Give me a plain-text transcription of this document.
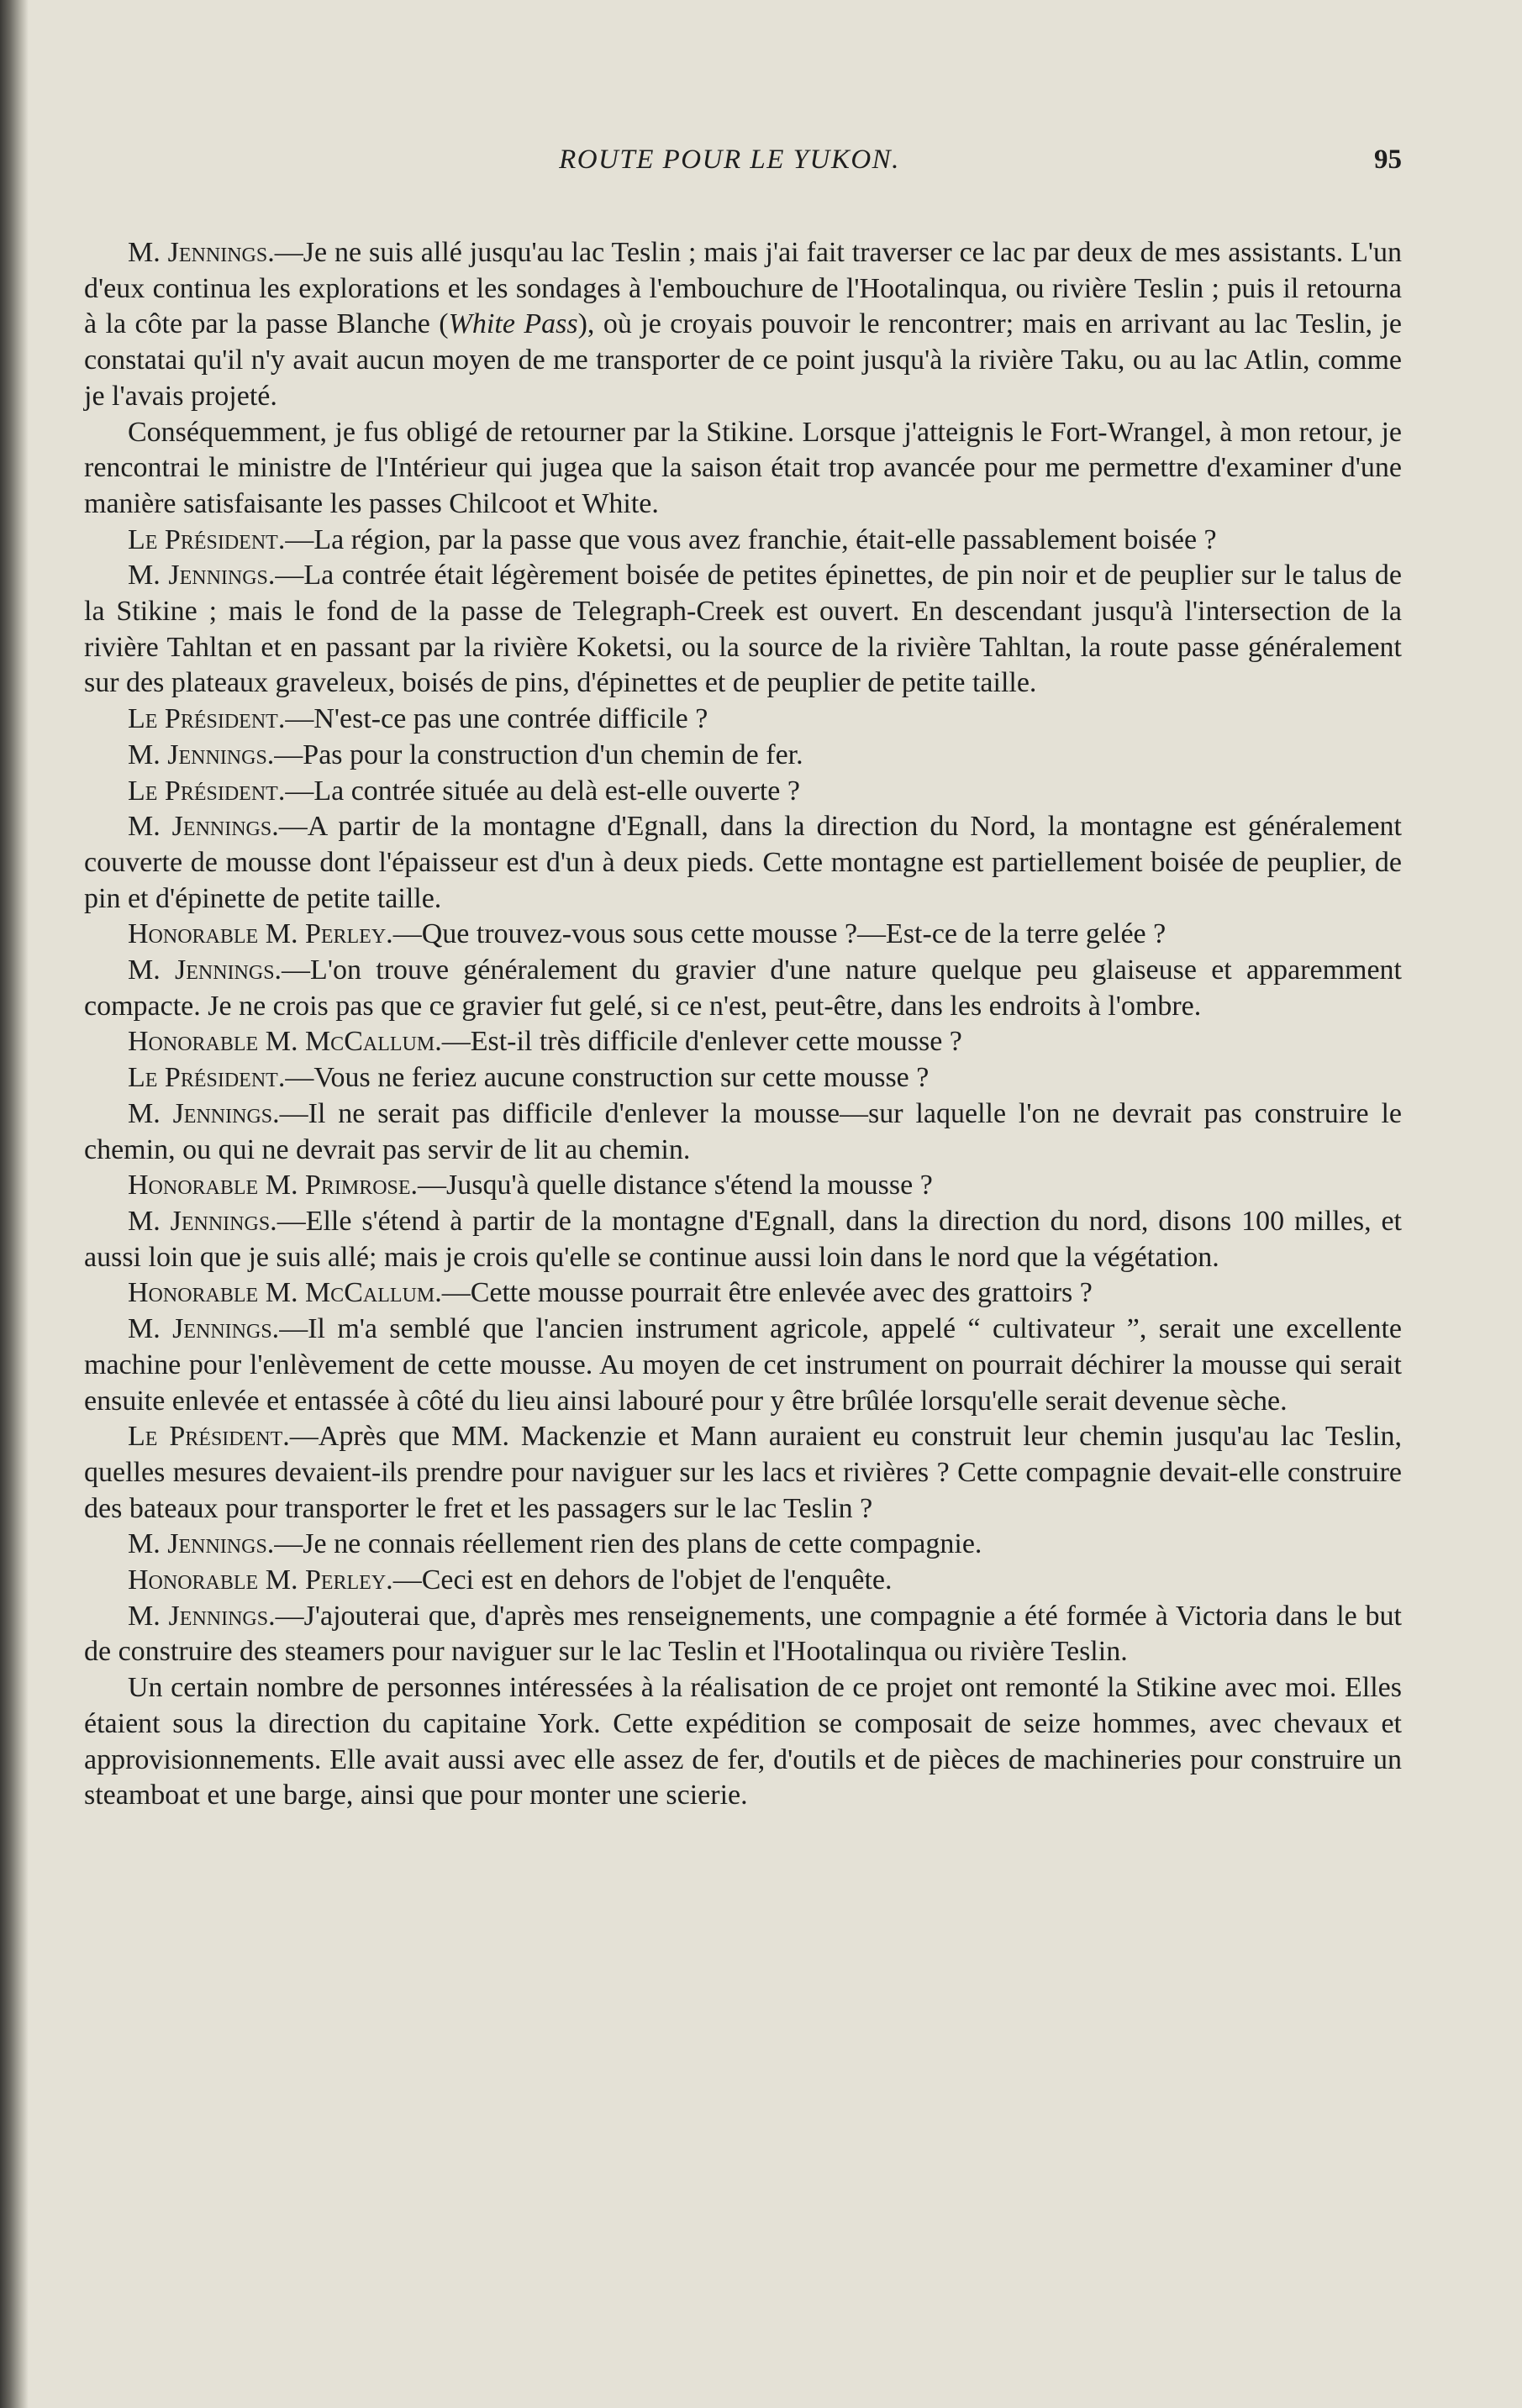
ROUTE POUR LE YUKON.	95

M. Jennings.—Je ne suis allé jusqu'au lac Teslin ; mais j'ai fait traverser ce lac par deux de mes assistants. L'un d'eux continua les explorations et les sondages à l'embouchure de l'Hootalinqua, ou rivière Teslin ; puis il retourna à la côte par la passe Blanche (White Pass), où je croyais pouvoir le rencontrer; mais en arrivant au lac Teslin, je constatai qu'il n'y avait aucun moyen de me transporter de ce point jusqu'à la rivière Taku, ou au lac Atlin, comme je l'avais projeté.

Conséquemment, je fus obligé de retourner par la Stikine. Lorsque j'atteignis le Fort-Wrangel, à mon retour, je rencontrai le ministre de l'Intérieur qui jugea que la saison était trop avancée pour me permettre d'examiner d'une manière satisfaisante les passes Chilcoot et White.

Le Président.—La région, par la passe que vous avez franchie, était-elle passablement boisée ?

M. Jennings.—La contrée était légèrement boisée de petites épinettes, de pin noir et de peuplier sur le talus de la Stikine ; mais le fond de la passe de Telegraph-Creek est ouvert. En descendant jusqu'à l'intersection de la rivière Tahltan et en passant par la rivière Koketsi, ou la source de la rivière Tahltan, la route passe généralement sur des plateaux graveleux, boisés de pins, d'épinettes et de peuplier de petite taille.

Le Président.—N'est-ce pas une contrée difficile ?

M. Jennings.—Pas pour la construction d'un chemin de fer.

Le Président.—La contrée située au delà est-elle ouverte ?

M. Jennings.—A partir de la montagne d'Egnall, dans la direction du Nord, la montagne est généralement couverte de mousse dont l'épaisseur est d'un à deux pieds. Cette montagne est partiellement boisée de peuplier, de pin et d'épinette de petite taille.

Honorable M. Perley.—Que trouvez-vous sous cette mousse ?—Est-ce de la terre gelée ?

M. Jennings.—L'on trouve généralement du gravier d'une nature quelque peu glaiseuse et apparemment compacte. Je ne crois pas que ce gravier fut gelé, si ce n'est, peut-être, dans les endroits à l'ombre.

Honorable M. McCallum.—Est-il très difficile d'enlever cette mousse ?

Le Président.—Vous ne feriez aucune construction sur cette mousse ?

M. Jennings.—Il ne serait pas difficile d'enlever la mousse—sur laquelle l'on ne devrait pas construire le chemin, ou qui ne devrait pas servir de lit au chemin.

Honorable M. Primrose.—Jusqu'à quelle distance s'étend la mousse ?

M. Jennings.—Elle s'étend à partir de la montagne d'Egnall, dans la direction du nord, disons 100 milles, et aussi loin que je suis allé; mais je crois qu'elle se continue aussi loin dans le nord que la végétation.

Honorable M. McCallum.—Cette mousse pourrait être enlevée avec des grattoirs ?

M. Jennings.—Il m'a semblé que l'ancien instrument agricole, appelé “ cultivateur ”, serait une excellente machine pour l'enlèvement de cette mousse. Au moyen de cet instrument on pourrait déchirer la mousse qui serait ensuite enlevée et entassée à côté du lieu ainsi labouré pour y être brûlée lorsqu'elle serait devenue sèche.

Le Président.—Après que MM. Mackenzie et Mann auraient eu construit leur chemin jusqu'au lac Teslin, quelles mesures devaient-ils prendre pour naviguer sur les lacs et rivières ? Cette compagnie devait-elle construire des bateaux pour transporter le fret et les passagers sur le lac Teslin ?

M. Jennings.—Je ne connais réellement rien des plans de cette compagnie.

Honorable M. Perley.—Ceci est en dehors de l'objet de l'enquête.

M. Jennings.—J'ajouterai que, d'après mes renseignements, une compagnie a été formée à Victoria dans le but de construire des steamers pour naviguer sur le lac Teslin et l'Hootalinqua ou rivière Teslin.

Un certain nombre de personnes intéressées à la réalisation de ce projet ont remonté la Stikine avec moi. Elles étaient sous la direction du capitaine York. Cette expédition se composait de seize hommes, avec chevaux et approvisionnements. Elle avait aussi avec elle assez de fer, d'outils et de pièces de machineries pour construire un steamboat et une barge, ainsi que pour monter une scierie.
